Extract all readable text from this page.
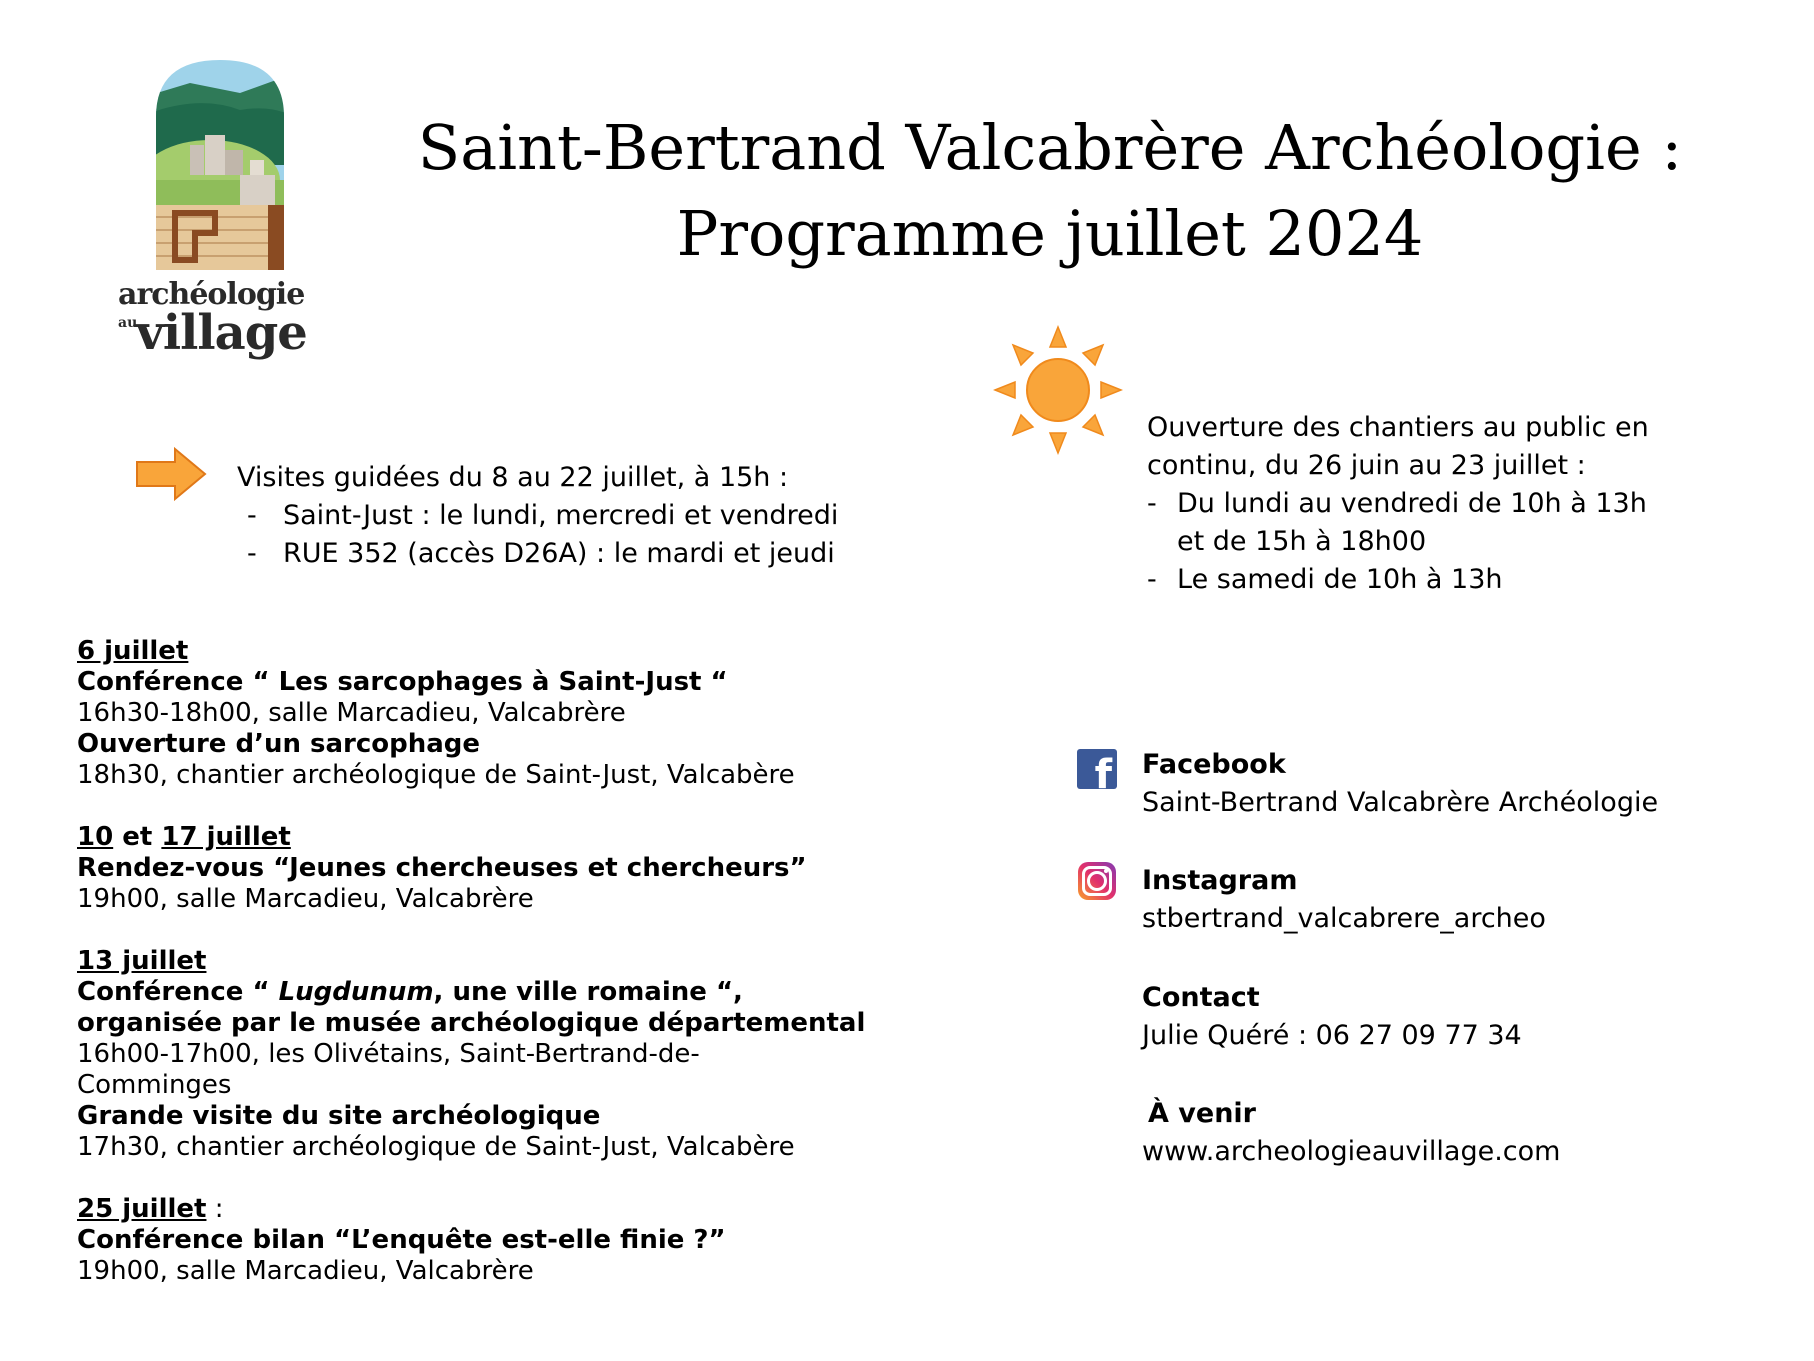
archéologie
au
village
Saint-Bertrand Valcabrère Archéologie :
Programme juillet 2024
Visites guidées du 8 au 22 juillet, à 15h :
- Saint-Just : le lundi, mercredi et vendredi
- RUE 352 (accès D26A) : le mardi et jeudi
Ouverture des chantiers au public en
continu, du 26 juin au 23 juillet :
- Du lundi au vendredi de 10h à 13h
et de 15h à 18h00
- Le samedi de 10h à 13h
6 juillet
Conférence “ Les sarcophages à Saint-Just “
16h30-18h00, salle Marcadieu, Valcabrère
Ouverture d’un sarcophage
18h30, chantier archéologique de Saint-Just, Valcabère
10 et 17 juillet
Rendez-vous “Jeunes chercheuses et chercheurs”
19h00, salle Marcadieu, Valcabrère
13 juillet
Conférence “ Lugdunum, une ville romaine “,
organisée par le musée archéologique départemental
16h00-17h00, les Olivétains, Saint-Bertrand-de-
Comminges
Grande visite du site archéologique
17h30, chantier archéologique de Saint-Just, Valcabère
25 juillet :
Conférence bilan “L’enquête est-elle finie ?”
19h00, salle Marcadieu, Valcabrère
f Facebook
Saint-Bertrand Valcabrère Archéologie
Instagram
stbertrand_valcabrere_archeo
Contact
Julie Quéré : 06 27 09 77 34
À venir
www.archeologieauvillage.com
